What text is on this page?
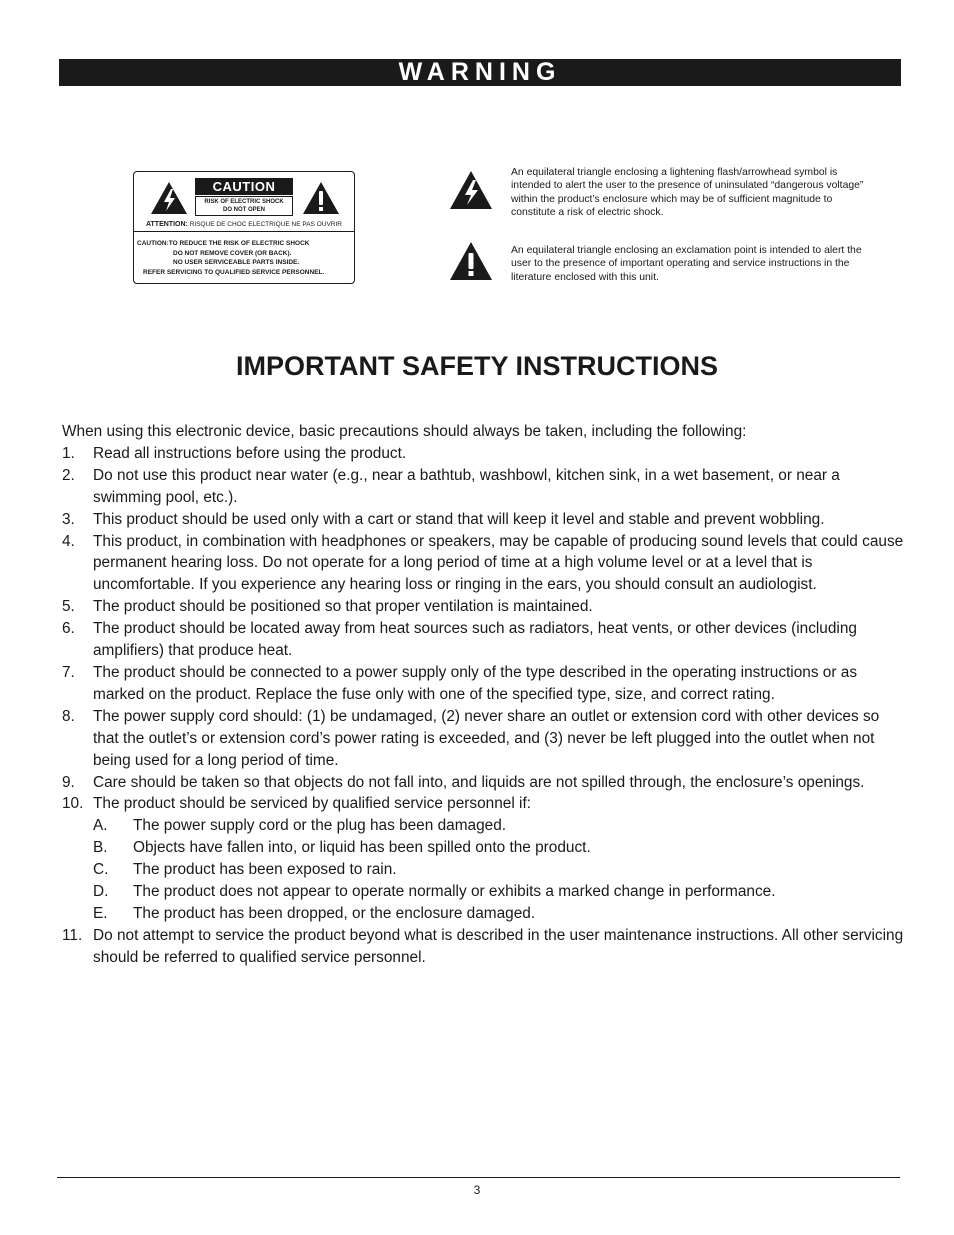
WARNING
CAUTION
RISK OF ELECTRIC SHOCK
DO NOT OPEN
ATTENTION: RISQUE DE CHOC ELECTRIQUE NE PAS OUVRIR
CAUTION:TO REDUCE THE RISK OF ELECTRIC SHOCK
DO NOT REMOVE COVER (OR BACK).
NO USER SERVICEABLE PARTS INSIDE.
REFER SERVICING TO QUALIFIED SERVICE PERSONNEL.
An equilateral triangle enclosing a lightening flash/arrowhead symbol is intended to alert the user to the presence of uninsulated “dangerous voltage” within the product’s enclosure which may be of sufficient magnitude to constitute a risk of electric shock.
An equilateral triangle enclosing an exclamation point is intended to alert the user to the presence of important operating and service instructions in the literature enclosed with this unit.
IMPORTANT SAFETY INSTRUCTIONS
When using this electronic device, basic precautions should always be taken, including the following:
1.	Read all instructions before using the product.
2.	Do not use this product near water (e.g., near a bathtub, washbowl, kitchen sink, in a wet basement, or near a swimming pool, etc.).
3.	This product should be used only with a cart or stand that will keep it level and stable and prevent wobbling.
4.	This product, in combination with headphones or speakers, may be capable of producing sound levels that could cause permanent hearing loss. Do not operate for a long period of time at a high volume level or at a level that is uncomfortable. If you experience any hearing loss or ringing in the ears, you should consult an audiologist.
5.	The product should be positioned so that proper ventilation is maintained.
6.	The product should be located away from heat sources such as radiators, heat vents, or other devices (including amplifiers) that produce heat.
7.	The product should be connected to a power supply only of the type described in the operating instructions or as marked on the product. Replace the fuse only with one of the specified type, size, and correct rating.
8.	The power supply cord should: (1) be undamaged, (2) never share an outlet or extension cord with other devices so that the outlet’s or extension cord’s power rating is exceeded, and (3) never be left plugged into the outlet when not being used for a long period of time.
9.	Care should be taken so that objects do not fall into, and liquids are not spilled through, the enclosure’s openings.
10. The product should be serviced by qualified service personnel if:
A.	The power supply cord or the plug has been damaged.
B.	Objects have fallen into, or liquid has been spilled onto the product.
C.	The product has been exposed to rain.
D.	The product does not appear to operate normally or exhibits a marked change in performance.
E.	The product has been dropped, or the enclosure damaged.
11. Do not attempt to service the product beyond what is described in the user maintenance instructions. All other servicing should be referred to qualified service personnel.
3
